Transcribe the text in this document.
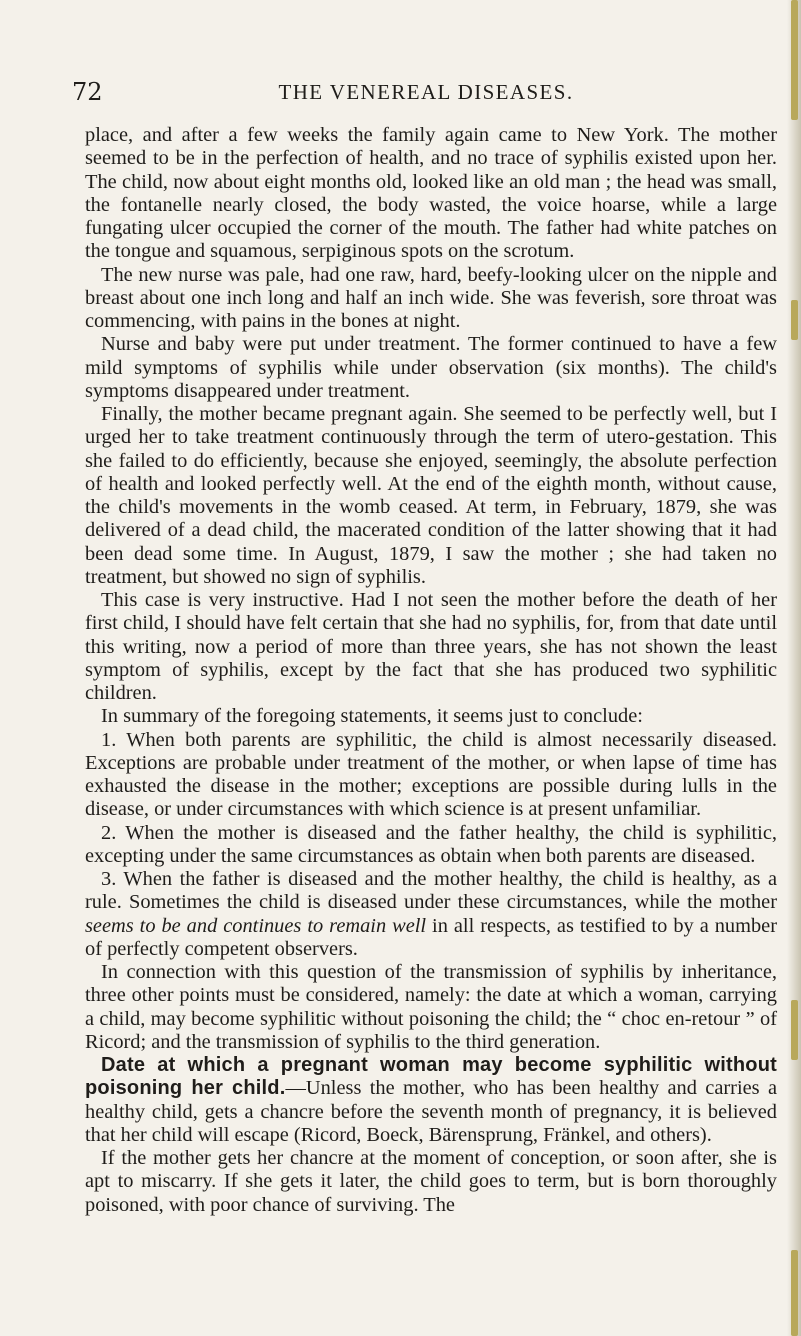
72	THE VENEREAL DISEASES.

place, and after a few weeks the family again came to New York. The mother seemed to be in the perfection of health, and no trace of syphilis existed upon her. The child, now about eight months old, looked like an old man ; the head was small, the fontanelle nearly closed, the body wasted, the voice hoarse, while a large fungating ulcer occupied the corner of the mouth. The father had white patches on the tongue and squamous, serpiginous spots on the scrotum.

The new nurse was pale, had one raw, hard, beefy-looking ulcer on the nipple and breast about one inch long and half an inch wide. She was feverish, sore throat was commencing, with pains in the bones at night.

Nurse and baby were put under treatment. The former continued to have a few mild symptoms of syphilis while under observation (six months). The child's symptoms disappeared under treatment.

Finally, the mother became pregnant again. She seemed to be perfectly well, but I urged her to take treatment continuously through the term of utero-gestation. This she failed to do efficiently, because she enjoyed, seemingly, the absolute perfection of health and looked perfectly well. At the end of the eighth month, without cause, the child's movements in the womb ceased. At term, in February, 1879, she was delivered of a dead child, the macerated condition of the latter showing that it had been dead some time. In August, 1879, I saw the mother ; she had taken no treatment, but showed no sign of syphilis.

This case is very instructive. Had I not seen the mother before the death of her first child, I should have felt certain that she had no syphilis, for, from that date until this writing, now a period of more than three years, she has not shown the least symptom of syphilis, except by the fact that she has produced two syphilitic children.

In summary of the foregoing statements, it seems just to conclude:

1. When both parents are syphilitic, the child is almost necessarily diseased. Exceptions are probable under treatment of the mother, or when lapse of time has exhausted the disease in the mother; exceptions are possible during lulls in the disease, or under circumstances with which science is at present unfamiliar.

2. When the mother is diseased and the father healthy, the child is syphilitic, excepting under the same circumstances as obtain when both parents are diseased.

3. When the father is diseased and the mother healthy, the child is healthy, as a rule. Sometimes the child is diseased under these circumstances, while the mother seems to be and continues to remain well in all respects, as testified to by a number of perfectly competent observers.

In connection with this question of the transmission of syphilis by inheritance, three other points must be considered, namely: the date at which a woman, carrying a child, may become syphilitic without poisoning the child; the “ choc en-retour ” of Ricord; and the transmission of syphilis to the third generation.

Date at which a pregnant woman may become syphilitic without poisoning her child.—Unless the mother, who has been healthy and carries a healthy child, gets a chancre before the seventh month of pregnancy, it is believed that her child will escape (Ricord, Boeck, Bärensprung, Fränkel, and others).

If the mother gets her chancre at the moment of conception, or soon after, she is apt to miscarry. If she gets it later, the child goes to term, but is born thoroughly poisoned, with poor chance of surviving. The
